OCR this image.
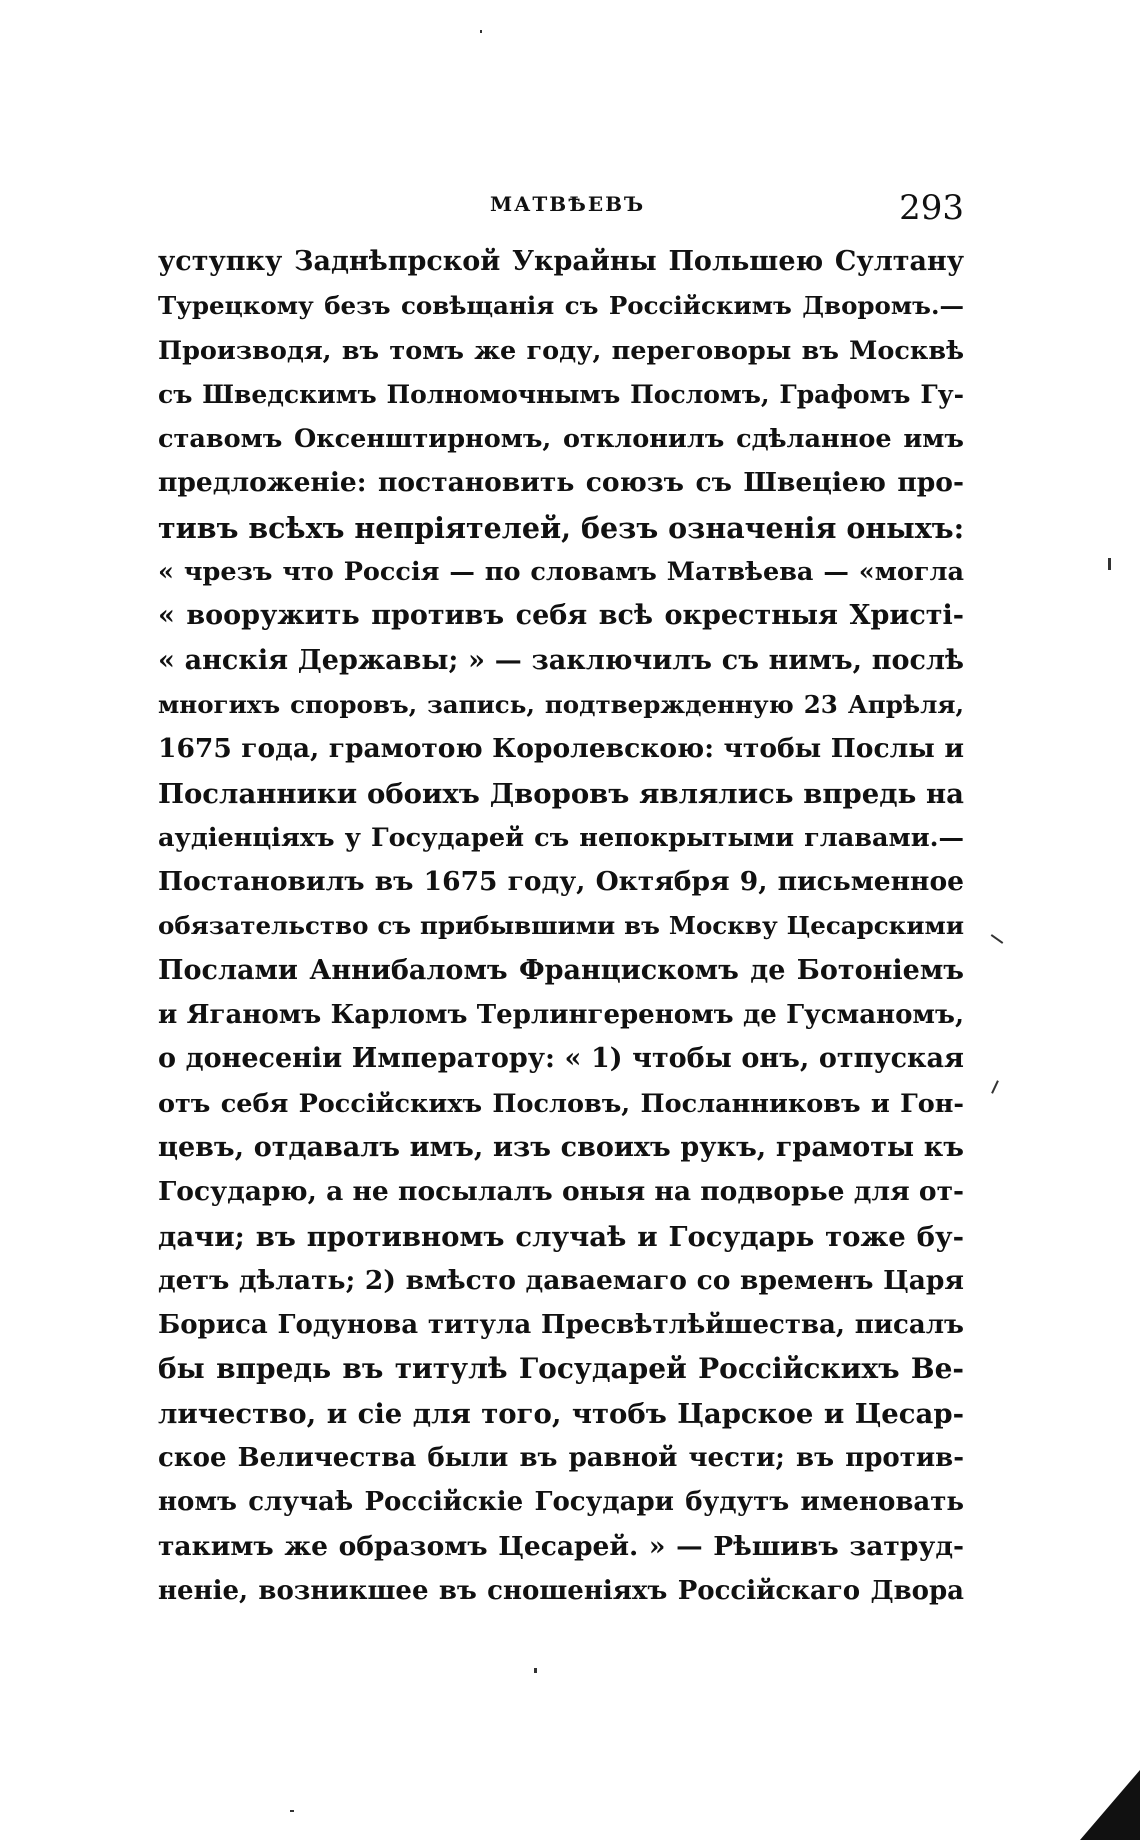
МАТВѢЕВЪ	293
уступку Заднѣпрской Украйны Польшею Султану
Турецкому безъ совѣщанія съ Россійскимъ Дворомъ.—
Производя, въ томъ же году, переговоры въ Москвѣ
съ Шведскимъ Полномочнымъ Посломъ, Графомъ Гу-
ставомъ Оксенштирномъ, отклонилъ сдѣланное имъ
предложеніе: постановить союзъ съ Швеціею про-
тивъ всѣхъ непріятелей, безъ означенія оныхъ:
« чрезъ что Россія — по словамъ Матвѣева — «могла
« вооружить противъ себя всѣ окрестныя Христі-
« анскія Державы; » — заключилъ съ нимъ, послѣ
многихъ споровъ, запись, подтвержденную 23 Апрѣля,
1675 года, грамотою Королевскою: чтобы Послы и
Посланники обоихъ Дворовъ являлись впредь на
аудіенціяхъ у Государей съ непокрытыми главами.—
Постановилъ въ 1675 году, Октября 9, письменное
обязательство съ прибывшими въ Москву Цесарскими
Послами Аннибаломъ Францискомъ де Ботоніемъ
и Яганомъ Карломъ Терлингереномъ де Гусманомъ,
о донесеніи Императору: « 1) чтобы онъ, отпуская
отъ себя Россійскихъ Пословъ, Посланниковъ и Гон-
цевъ, отдавалъ имъ, изъ своихъ рукъ, грамоты къ
Государю, а не посылалъ оныя на подворье для от-
дачи; въ противномъ случаѣ и Государь тоже бу-
детъ дѣлать; 2) вмѣсто даваемаго со временъ Царя
Бориса Годунова титула Пресвѣтлѣйшества, писалъ
бы впредь въ титулѣ Государей Россійскихъ Ве-
личество, и сіе для того, чтобъ Царское и Цесар-
ское Величества были въ равной чести; въ против-
номъ случаѣ Россійскіе Государи будутъ именовать
такимъ же образомъ Цесарей. » — Рѣшивъ затруд-
неніе, возникшее въ сношеніяхъ Россійскаго Двора
